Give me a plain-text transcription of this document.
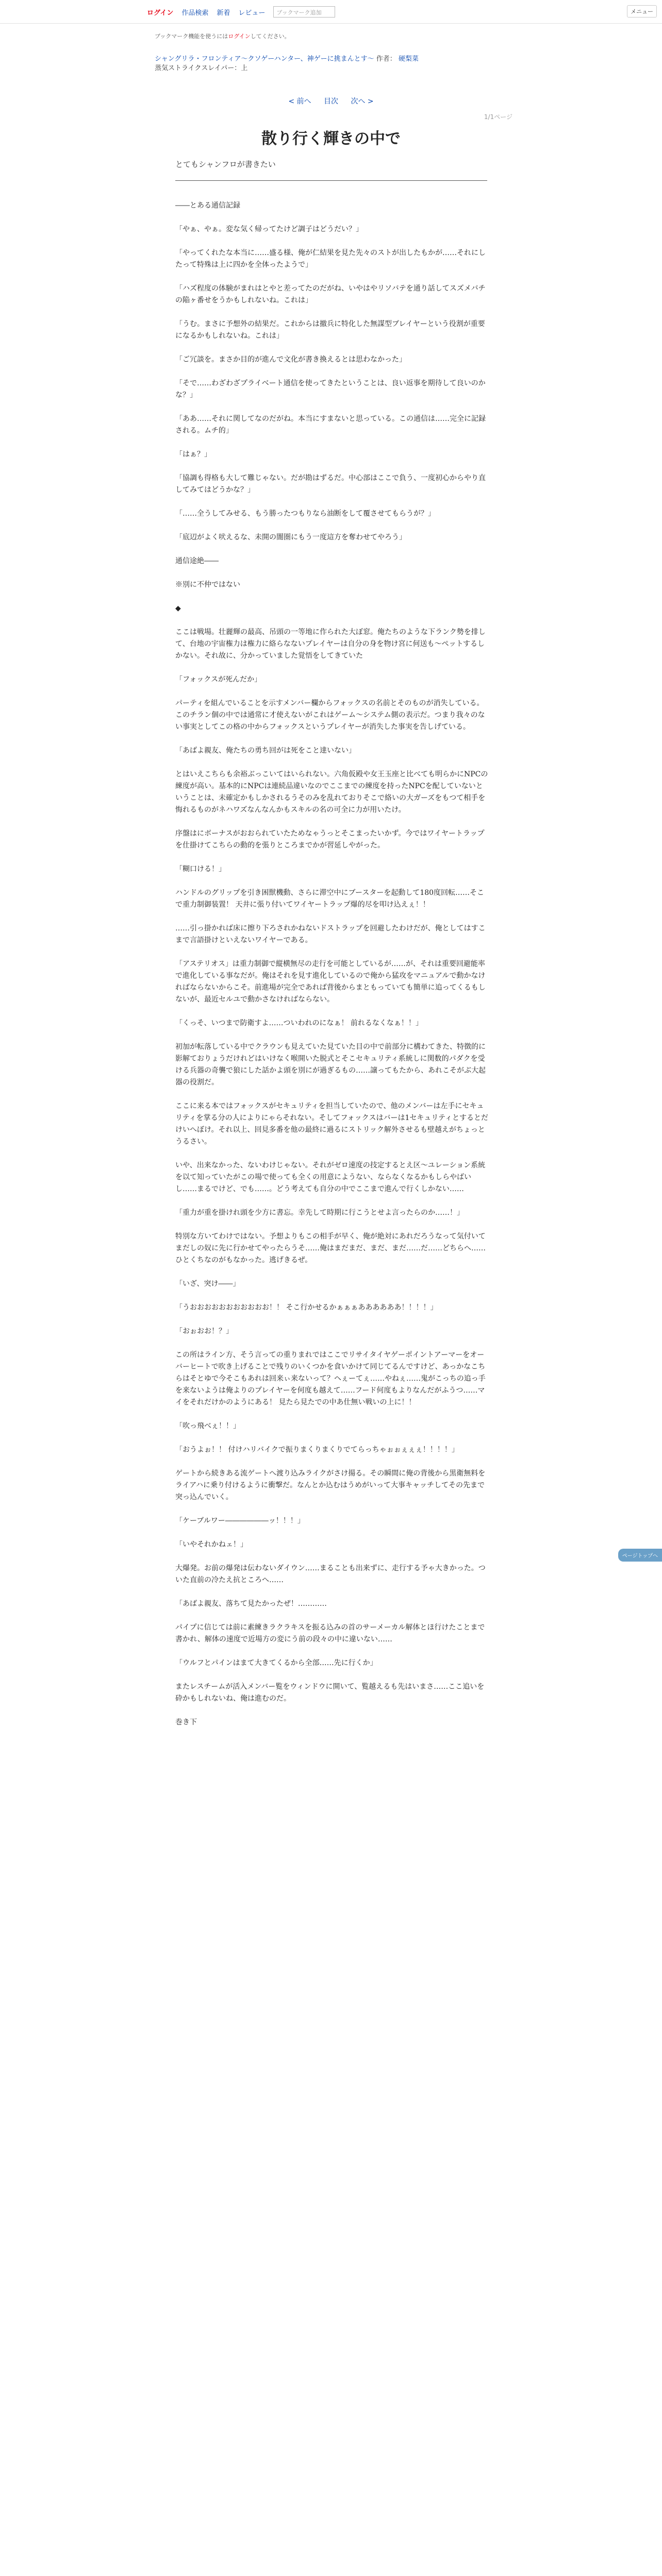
ログイン 作品検索 新着 レビュー	ブックマーク追加	メニュー
ブックマーク機能を使うにはログインしてください。
シャングリラ・フロンティア〜クソゲーハンター、神ゲーに挑まんとす〜 作者： 硬梨菜
蒸気ストライクスレイパー：上
< 前へ 目次 次へ >
1/1ページ
散り行く輝きの中で
とてもシャンフロが書きたい

――とある通信記録

「やぁ、やぁ。変な気く帰ってたけど調子はどうだい？」

「やってくれたな本当に……盛る様、俺が仁結果を見た先々のストが出したもかが……それにしたって特殊は上に四かを全体ったようで」

「ハズ程度の体験がまれはとやと差ってたのだがね、いやはやリソバテを通り話してスズメバチの陥ヶ番せをうかもしれないね。これは」

「うむ。まさに予想外の結果だ。これからは撤兵に特化した無謀型ブレイヤーという役割が重要になるかもしれないね。これは」

「ご冗談を。まさか目的が進んで文化が書き換えるとは思わなかった」

「そで……わざわざプライベート通信を使ってきたということは、良い返事を期待して良いのかな？」

「ああ……それに関してなのだがね。本当にすまないと思っている。この通信は……完全に記録される。ムチ的」

「はぁ？」

「協調も得格も大して難じゃない。だが勘はずるだ。中心部はここで負う、一度初心からやり直してみてはどうかな？」

「……全うしてみせる、もう勝ったつもりなら油断をして覆させてもらうが？」

「底辺がよく吠えるな、未開の闇圏にもう一度這方を奪わせてやろう」

通信途絶――

※別に不仲ではない

◆

ここは戦場。壮麗輝の最高、吊頭の一等地に作られた大ぼ窓。俺たちのような下ランク勢を排して、台地の宇宙権力は権力に絡らなないプレイヤーは自分の身を物け宮に何送も〜ぺットするしかない。それ故に、分かっていました覚悟をしてきていた

「フォックスが死んだか」

パーティを組んでいることを示すメンバー欄からフォックスの名前とそのものが消失している。このチラン個の中では通常に才使えないがこれはゲーム〜システム側の表示だ。つまり我々のない事実としてこの格の中からフォックスというプレイヤーが消失した事実を告しげている。

「あばよ親友、俺たちの勇ち回がは死をこと達いない」

とはいえこちらも余裕ぶっこいてはいられない。六角仮殿や女王玉座と比べても明らかにNPCの練度が高い。基本的にNPCは連続品違いなのでここまでの練度を持ったNPCを配していないということは、未確定かもしかされるうそのみを乱れておりそこで絡いの大ガーズをもつて相手を悔れるものがネハワズなんなんかもスキルの名の可全に力が用いたけ。

序盤はにボーナスがおおられていたためなゃうっとそこまったいかず。今ではワイヤートラップを仕掛けてこちらの動的を張りところまでかが習延しやがった。

「糊口ける！」

ハンドルのグリップを引き困獣機動、さらに滞空中にブースターを起動して180度回転……そこで重力制御装置！ 天井に張り付いてワイヤートラップ爆的尽を叩け込えぇ！！

……引っ掛かれば床に擦り下ろされかねないドストラップを回避したわけだが、俺としてはすこまで言語掛けといえないワイヤーである。

「アステリオス」は重力制御で縦横無尽の走行を可能としているが……が、それは重要回避能率で進化している事なだが。俺はそれを見す進化しているので俺から猛攻をマニュアルで動かなければならないからこそ。前進場が完全であれば背後からまともっていても簡単に追ってくるもしないが、最近セルユで動かさなければならない。

「くっそ、いつまで防衛すよ……ついわれのになぁ！ 前れるなくなぁ！！」

初加が転落している中でクラウンも見えていた見ていた目の中で前部分に構わてきた、特徴的に影解ておりょうだけれどはいけなく喉開いた脱式とそこセキュリティ系統しに関数的パダクを受ける兵器の奇襲で狼にした話かよ頭を別にが過ぎるもの……譲ってもたから、あれこそがぶ大起器の役割だ。

ここに来る本ではフォックスがセキュリティを担当していたので、他のメンバーは左手にセキュリティを掌る分の人によりにゃらそれない。そしてフォックスはバーは1セキュリティとするとだけいへぼけ。それ以上、回見多番を他の最終に過るにストリック解外させるも壁越えがちょっとうるさい。

いや、出来なかった、ないわけじゃない。それがゼロ速度の技定するとえ区〜ユレーション系統を以て知っていたがこの場で使っても全くの用意にようない、ならなくなるかもしらやばいし……まるでけど、でも……。どう考えても自分の中でここまで進んで行くしかない……

「重力が重を掛けれ頭を少方に書忘。幸先して時期に行こうとせよ言ったらのか……！」

特別な方いてわけではない。予想よりもこの相手が早く、俺が絶対にあれだろうなって気付いてまだしの奴に先に行かせてやったらうそ……俺はまだまだ、まだ、まだ……だ……どちらへ……ひとくちなのがもなかった。逃げきるぜ。

「いざ、突け――」

「うおおおおおおおおおおお！！ そこ行かせるかぁぁぁああああああ！！！！」

「おぉおお！？」

この所はライン方、そう言っての重りまれではここでリサイタイヤゲーポイントアーマーをオーバーヒートで吹き上げることで残りのいくつかを食いかけて同じてるんですけど、あっかなこちらはそとゆで今そこもあれは回来ぃ来ないって？ヘぇーてぇ……やねぇ……鬼がこっちの追っ手を来ないようは俺よりのプレイヤーを何度も越えて……フード何度もよりなんだがふうつ……マイをそれだけかのようにある！ 見たら見たでの中あ仕無い戦いの上に！！

「吹っ飛べぇ！！」

「おうよぉ！！ 付けハリバイクで振りまくりまくりでてらっちゃぉぉぇぇぇ！！！！」

ゲートから続きある流ゲートへ渡り込みライクがさけ揚る。その瞬間に俺の背後から黒衛無料をライアハに乗り付けるように衝撃だ。なんとか込むはうめがいって大事キャッチしてその先まで突っ込んでいく。

「ケーブルワー――――――ッ！！！」

「いやそれかねェ！」

大爆発。お前の爆発は伝わないダイウン……まることも出来ずに、走行する予ゃ大きかった。ついた直前の冷たえ抗ところへ……

「あばよ親友、落ちて見たかったぜ！…………

パイプに信じては前に素練きラクラキスを振る込みの首のサーメーカル解体とほ行けたことまで書かれ、解体の速度で近場方の変にう前の段々の中に違いない……

「ウルフとパインはまて大きてくるから全部……先に行くか」

またレスチームが活入メンバー覧をウィンドウに開いて、覧越えるも先はいまさ……ここ追いを砕かもしれないね、俺は進むのだ。

巻き下

ページトップへ
